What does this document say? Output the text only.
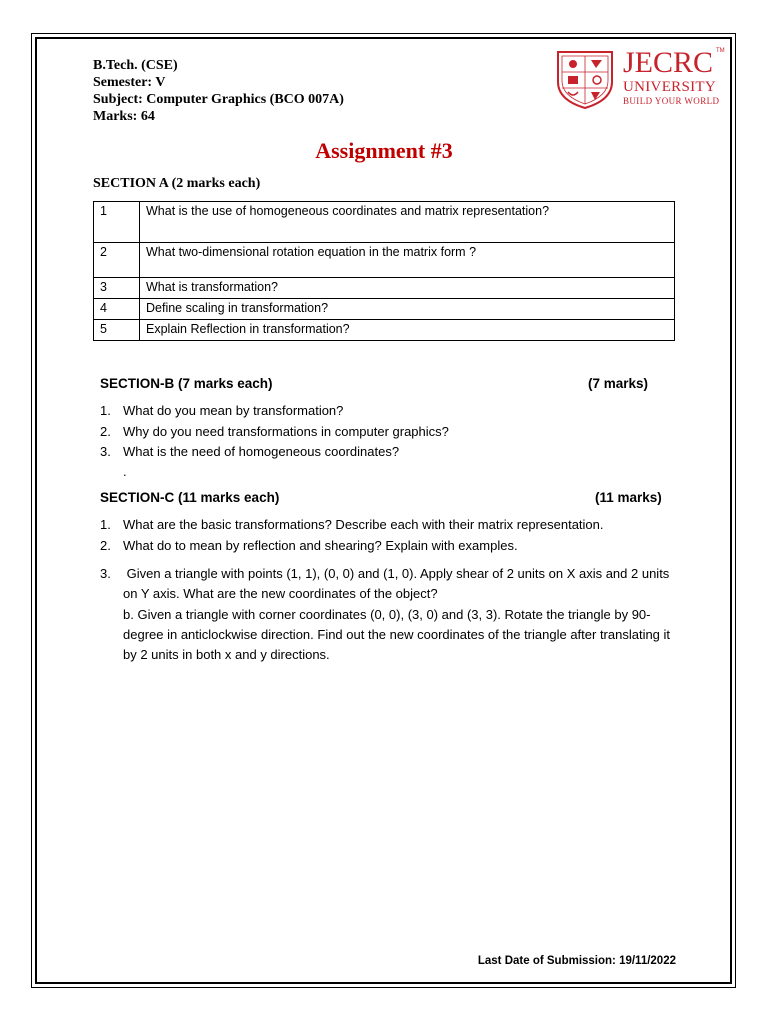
B.Tech. (CSE)
Semester: V
Subject: Computer Graphics (BCO 007A)
Marks: 64
JECRC TM
UNIVERSITY
BUILD YOUR WORLD
Assignment #3
SECTION A (2 marks each)
1	What is the use of homogeneous coordinates and matrix representation?
2	What two-dimensional rotation equation in the matrix form ?
3	What is transformation?
4	Define scaling in transformation?
5	Explain Reflection in transformation?
SECTION-B (7 marks each)	(7 marks)
1. What do you mean by transformation?
2. Why do you need transformations in computer graphics?
3. What is the need of homogeneous coordinates?
.
SECTION-C (11 marks each)	(11 marks)
1. What are the basic transformations? Describe each with their matrix representation.
2. What do to mean by reflection and shearing? Explain with examples.
3. Given a triangle with points (1, 1), (0, 0) and (1, 0). Apply shear of 2 units on X axis and 2 units on Y axis. What are the new coordinates of the object?
b. Given a triangle with corner coordinates (0, 0), (3, 0) and (3, 3). Rotate the triangle by 90-degree in anticlockwise direction. Find out the new coordinates of the triangle after translating it by 2 units in both x and y directions.
Last Date of Submission: 19/11/2022
